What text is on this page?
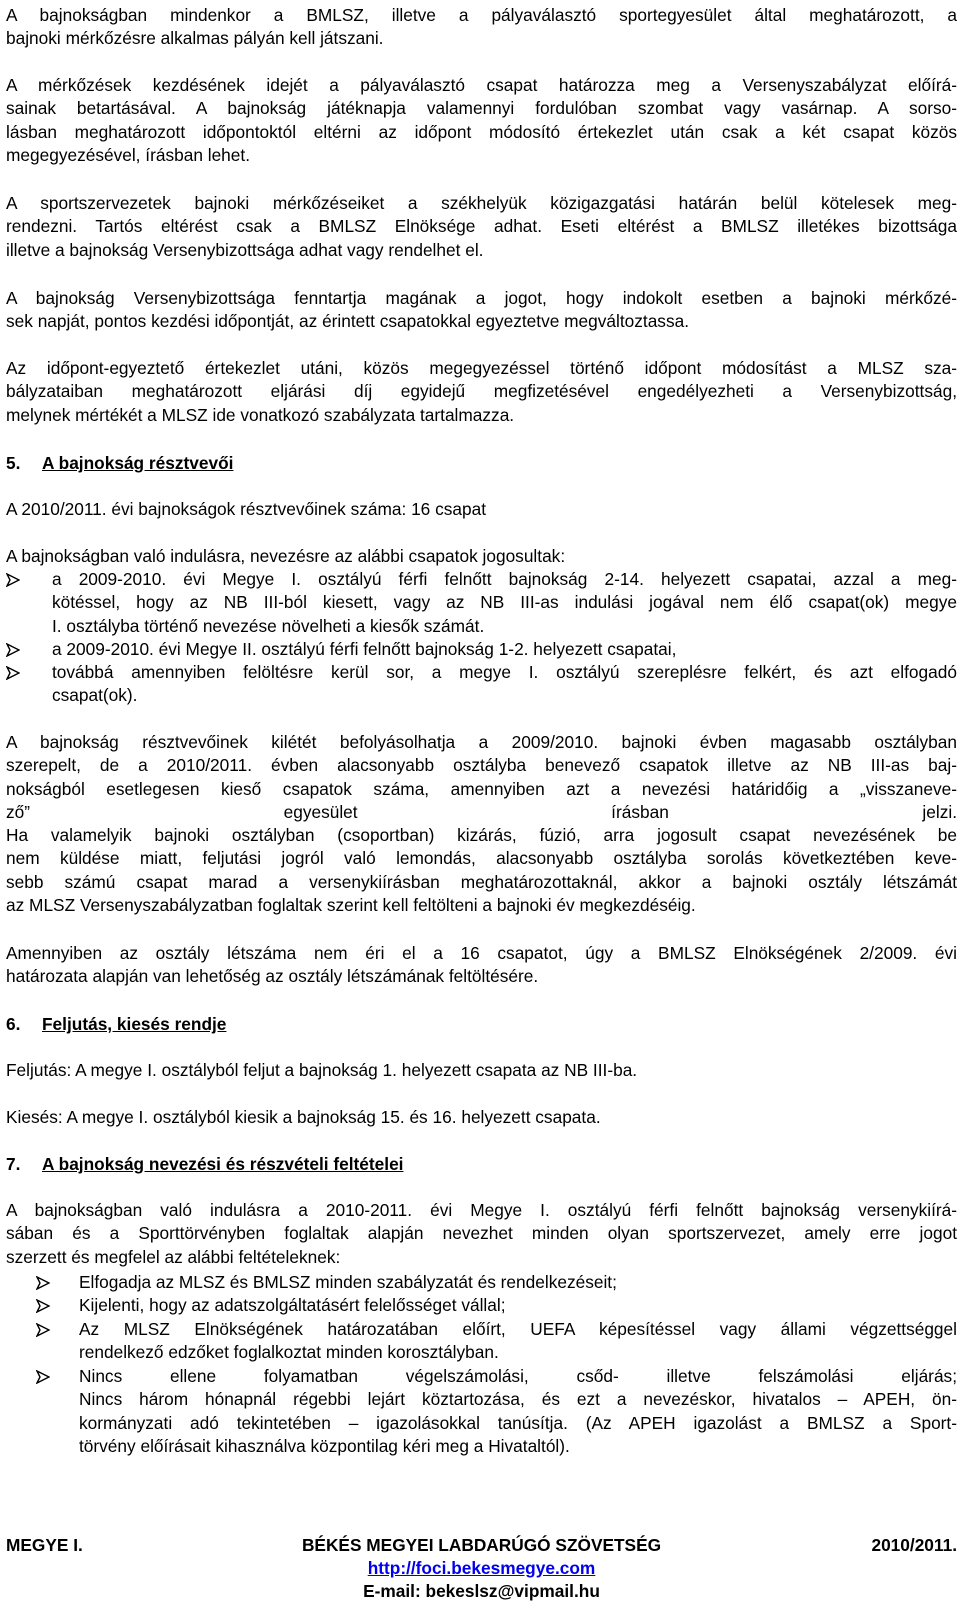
A bajnokságban mindenkor a BMLSZ, illetve a pályaválasztó sportegyesület által meghatározott, a
bajnoki mérkőzésre alkalmas pályán kell játszani.
A mérkőzések kezdésének idejét a pályaválasztó csapat határozza meg a Versenyszabályzat előírá-
sainak betartásával. A bajnokság játéknapja valamennyi fordulóban szombat vagy vasárnap. A sorso-
lásban meghatározott időpontoktól eltérni az időpont módosító értekezlet után csak a két csapat közös
megegyezésével, írásban lehet.
A sportszervezetek bajnoki mérkőzéseiket a székhelyük közigazgatási határán belül kötelesek meg-
rendezni. Tartós eltérést csak a BMLSZ Elnöksége adhat. Eseti eltérést a BMLSZ illetékes bizottsága
illetve a bajnokság Versenybizottsága adhat vagy rendelhet el.
A bajnokság Versenybizottsága fenntartja magának a jogot, hogy indokolt esetben a bajnoki mérkőzé-
sek napját, pontos kezdési időpontját, az érintett csapatokkal egyeztetve megváltoztassa.
Az időpont-egyeztető értekezlet utáni, közös megegyezéssel történő időpont módosítást a MLSZ sza-
bályzataiban meghatározott eljárási díj egyidejű megfizetésével engedélyezheti a Versenybizottság,
melynek mértékét a MLSZ ide vonatkozó szabályzata tartalmazza.
5. A bajnokság résztvevői
A 2010/2011. évi bajnokságok résztvevőinek száma: 16 csapat
A bajnokságban való indulásra, nevezésre az alábbi csapatok jogosultak:
a 2009-2010. évi Megye I. osztályú férfi felnőtt bajnokság 2-14. helyezett csapatai, azzal a meg-
kötéssel, hogy az NB III-ból kiesett, vagy az NB III-as indulási jogával nem élő csapat(ok) megye
I. osztályba történő nevezése növelheti a kiesők számát.
a 2009-2010. évi Megye II. osztályú férfi felnőtt bajnokság 1-2. helyezett csapatai,
továbbá amennyiben felöltésre kerül sor, a megye I. osztályú szereplésre felkért, és azt elfogadó
csapat(ok).
A bajnokság résztvevőinek kilétét befolyásolhatja a 2009/2010. bajnoki évben magasabb osztályban
szerepelt, de a 2010/2011. évben alacsonyabb osztályba benevező csapatok illetve az NB III-as baj-
nokságból esetlegesen kieső csapatok száma, amennyiben azt a nevezési határidőig a „visszaneve-
ző” egyesület írásban jelzi.
Ha valamelyik bajnoki osztályban (csoportban) kizárás, fúzió, arra jogosult csapat nevezésének be
nem küldése miatt, feljutási jogról való lemondás, alacsonyabb osztályba sorolás következtében keve-
sebb számú csapat marad a versenykiírásban meghatározottaknál, akkor a bajnoki osztály létszámát
az MLSZ Versenyszabályzatban foglaltak szerint kell feltölteni a bajnoki év megkezdéséig.
Amennyiben az osztály létszáma nem éri el a 16 csapatot, úgy a BMLSZ Elnökségének 2/2009. évi
határozata alapján van lehetőség az osztály létszámának feltöltésére.
6. Feljutás, kiesés rendje
Feljutás: A megye I. osztályból feljut a bajnokság 1. helyezett csapata az NB III-ba.
Kiesés: A megye I. osztályból kiesik a bajnokság 15. és 16. helyezett csapata.
7. A bajnokság nevezési és részvételi feltételei
A bajnokságban való indulásra a 2010-2011. évi Megye I. osztályú férfi felnőtt bajnokság versenykiírá-
sában és a Sporttörvényben foglaltak alapján nevezhet minden olyan sportszervezet, amely erre jogot
szerzett és megfelel az alábbi feltételeknek:
Elfogadja az MLSZ és BMLSZ minden szabályzatát és rendelkezéseit;
Kijelenti, hogy az adatszolgáltatásért felelősséget vállal;
Az MLSZ Elnökségének határozatában előírt, UEFA képesítéssel vagy állami végzettséggel
rendelkező edzőket foglalkoztat minden korosztályban.
Nincs ellene folyamatban végelszámolási, csőd- illetve felszámolási eljárás;
Nincs három hónapnál régebbi lejárt köztartozása, és ezt a nevezéskor, hivatalos – APEH, ön-
kormányzati adó tekintetében – igazolásokkal tanúsítja. (Az APEH igazolást a BMLSZ a Sport-
törvény előírásait kihasználva központilag kéri meg a Hivataltól).
MEGYE I.	BÉKÉS MEGYEI LABDARÚGÓ SZÖVETSÉG	2010/2011.
http://foci.bekesmegye.com
E-mail: bekeslsz@vipmail.hu
